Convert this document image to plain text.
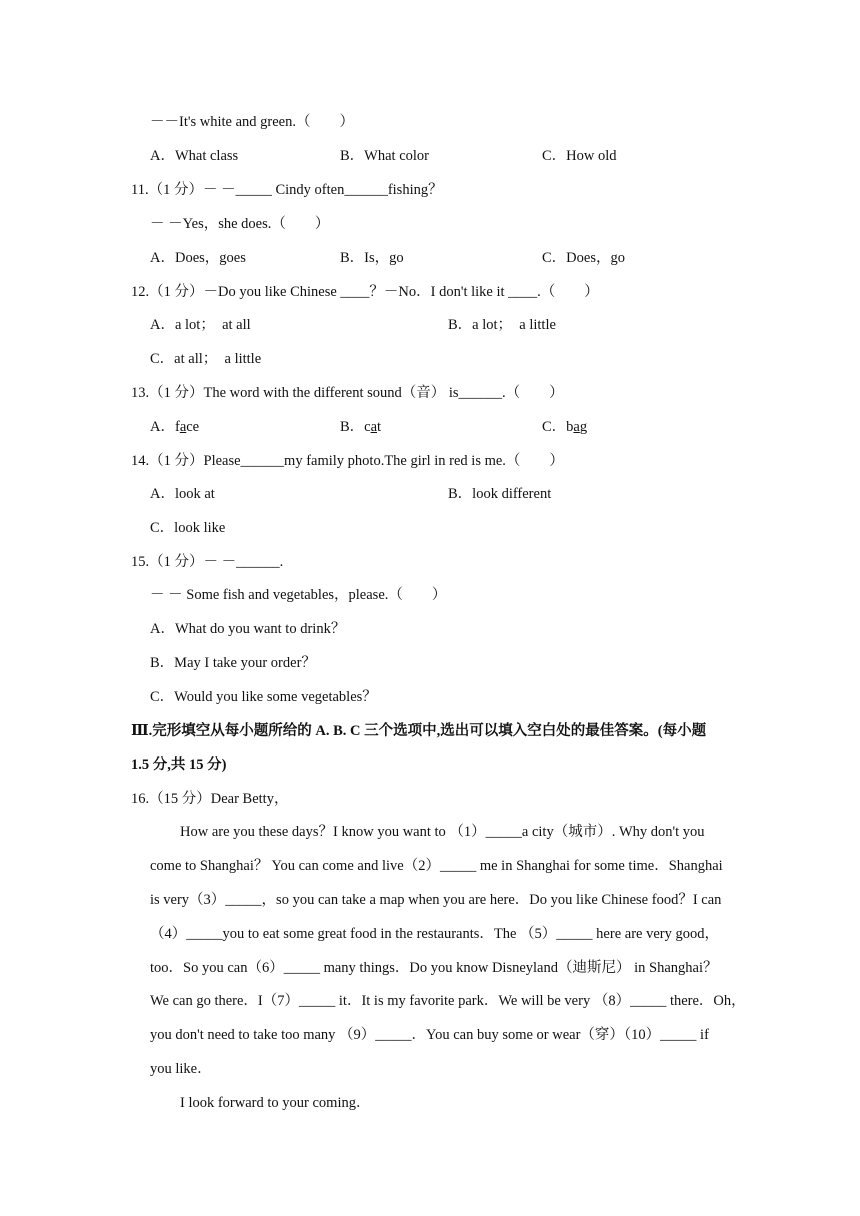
－－It's white and green.（　　）
A．What class	B．What color	C．How old
11.（1 分）－ －_____ Cindy often______fishing？
－ －Yes，she does.（　　）
A．Does，goes	B．Is，go	C．Does，go
12.（1 分）－Do you like Chinese ____？－No．I don't like it ____.（　　）
A．a lot；　at all	B．a lot；　a little
C．at all；　a little
13.（1 分）The word with the different sound（音） is______.（　　）
A．face	B．cat	C．bag
14.（1 分）Please______my family photo.The girl in red is me.（　　）
A．look at	B．look different
C．look like
15.（1 分）－ －______.
－ － Some fish and vegetables，please.（　　）
A．What do you want to drink？
B．May I take your order？
C．Would you like some vegetables？
Ⅲ.完形填空从每小题所给的 A. B. C 三个选项中,选出可以填入空白处的最佳答案。(每小题
1.5 分,共 15 分)
16.（15 分）Dear Betty，
How are you these days？I know you want to （1）_____a city（城市）. Why don't you
come to Shanghai？ You can come and live（2）_____ me in Shanghai for some time．Shanghai
is very（3）_____，so you can take a map when you are here．Do you like Chinese food？I can
（4）_____you to eat some great food in the restaurants．The （5）_____ here are very good，
too．So you can（6）_____ many things．Do you know Disneyland（迪斯尼） in Shanghai？
We can go there．I（7）_____ it．It is my favorite park．We will be very （8）_____ there．Oh，
you don't need to take too many （9）_____．You can buy some or wear（穿）（10）_____ if
you like．
I look forward to your coming．
